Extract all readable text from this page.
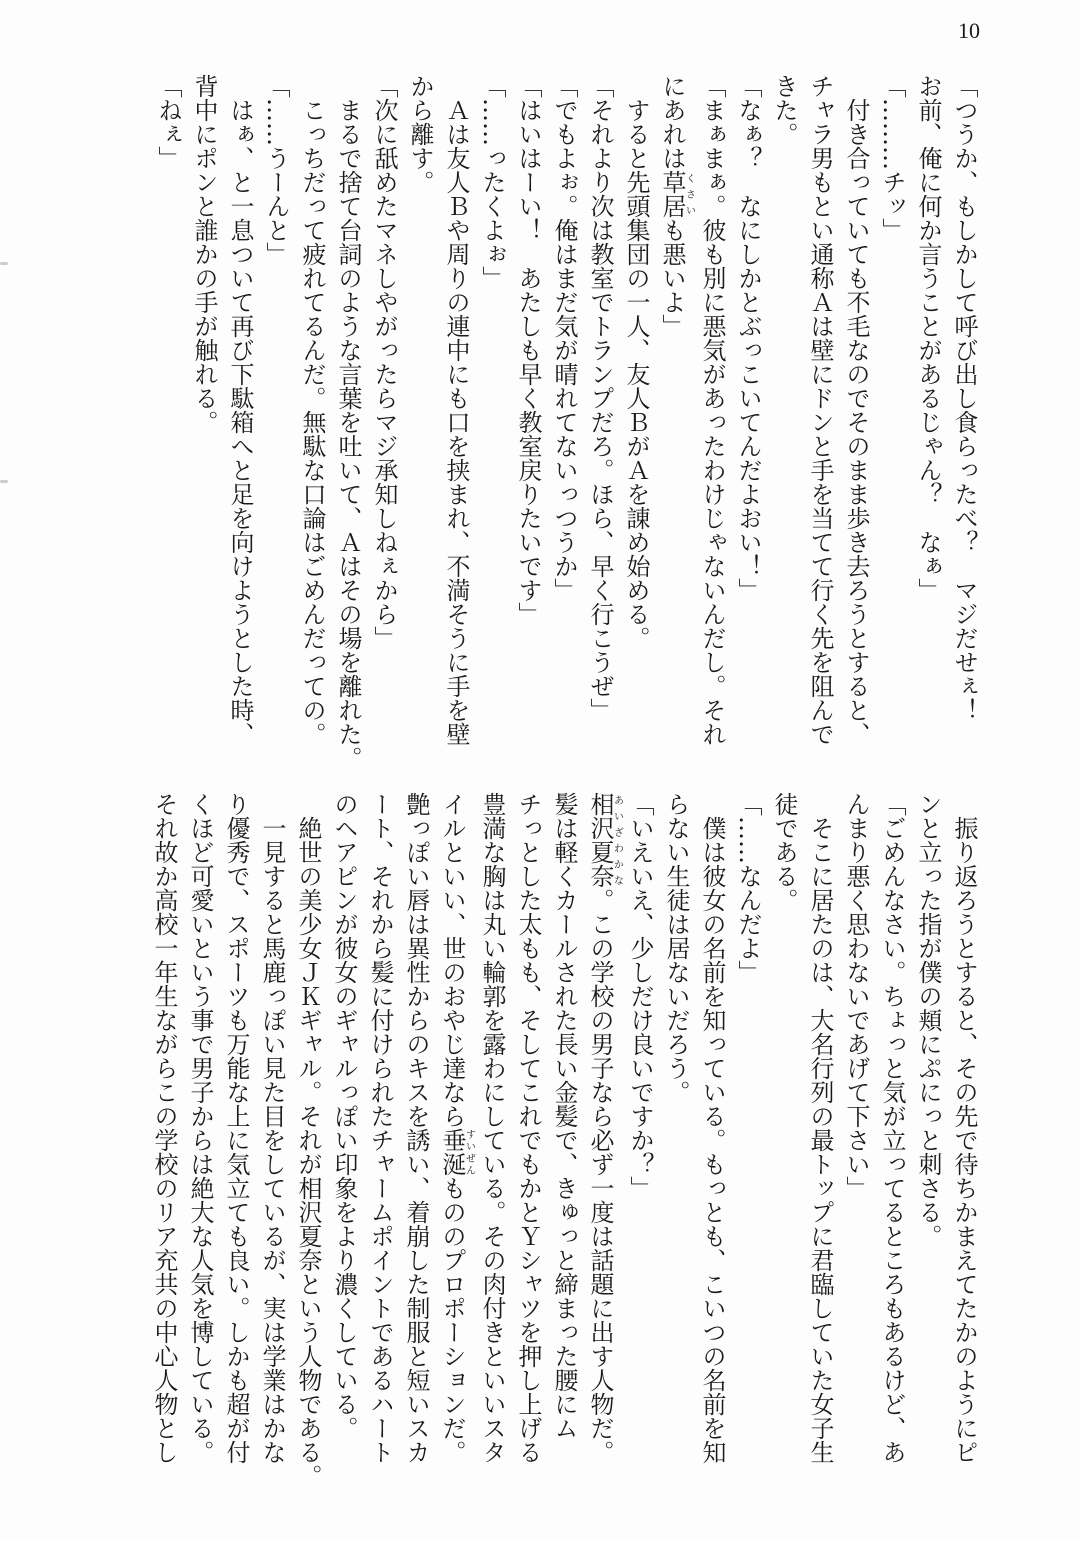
10
「つうか、もしかして呼び出し食らったべ？　マジだせぇ！
お前、俺に何か言うことがあるじゃん？　なぁ」
「………チッ」
　付き合っていても不毛なのでそのまま歩き去ろうとすると、
チャラ男もとい通称Ａは壁にドンと手を当てて行く先を阻んで
きた。
「なぁ？　なにしかとぶっこいてんだよおい！」
「まぁまぁ。彼も別に悪気があったわけじゃないんだし。それ
にあれは草居くさいも悪いよ」
　すると先頭集団の一人、友人ＢがＡを諌め始める。
「それより次は教室でトランプだろ。ほら、早く行こうぜ」
「でもよぉ。俺はまだ気が晴れてないっつうか」
「はいはーい！　あたしも早く教室戻りたいです」
「……ったくよぉ」
　Ａは友人Ｂや周りの連中にも口を挟まれ、不満そうに手を壁
から離す。
「次に舐めたマネしやがったらマジ承知しねぇから」
　まるで捨て台詞のような言葉を吐いて、Ａはその場を離れた。
　こっちだって疲れてるんだ。無駄な口論はごめんだっての。
「……うーんと」
　はぁ、と一息ついて再び下駄箱へと足を向けようとした時、
背中にポンと誰かの手が触れる。
「ねぇ」
　振り返ろうとすると、その先で待ちかまえてたかのようにピ
ンと立った指が僕の頬にぷにっと刺さる。
「ごめんなさい。ちょっと気が立ってるところもあるけど、あ
んまり悪く思わないであげて下さい」
　そこに居たのは、大名行列の最トップに君臨していた女子生
徒である。
「……なんだよ」
　僕は彼女の名前を知っている。もっとも、こいつの名前を知
らない生徒は居ないだろう。
「いえいえ、少しだけ良いですか？」
相沢夏奈あいざわかな。この学校の男子なら必ず一度は話題に出す人物だ。
髪は軽くカールされた長い金髪で、きゅっと締まった腰にム
チっとした太もも、そしてこれでもかとＹシャツを押し上げる
豊満な胸は丸い輪郭を露わにしている。その肉付きといいスタ
イルといい、世のおやじ達なら垂涎すいぜんもののプロポーションだ。
艶っぽい唇は異性からのキスを誘い、着崩した制服と短いスカ
ート、それから髪に付けられたチャームポイントであるハート
のヘアピンが彼女のギャルっぽい印象をより濃くしている。
　絶世の美少女ＪＫギャル。それが相沢夏奈という人物である。
　一見すると馬鹿っぽい見た目をしているが、実は学業はかな
り優秀で、スポーツも万能な上に気立ても良い。しかも超が付
くほど可愛いという事で男子からは絶大な人気を博している。
それ故か高校一年生ながらこの学校のリア充共の中心人物とし
